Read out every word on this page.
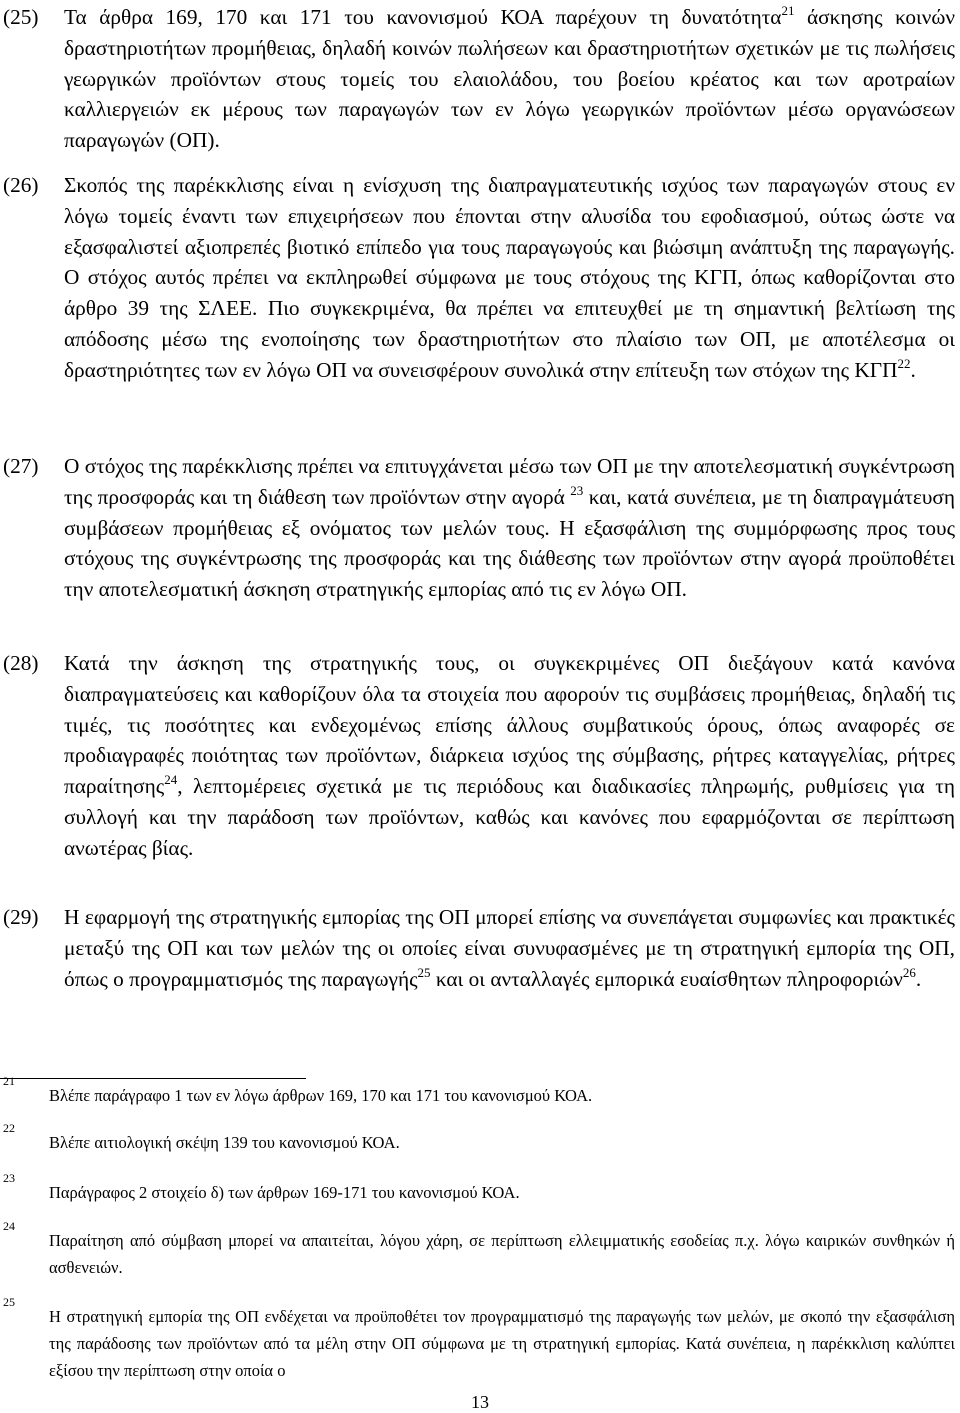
(25)	Τα άρθρα 169, 170 και 171 του κανονισμού ΚΟΑ παρέχουν τη δυνατότητα$^{21}$ άσκησης κοινών δραστηριοτήτων προμήθειας, δηλαδή κοινών πωλήσεων και δραστηριοτήτων σχετικών με τις πωλήσεις γεωργικών προϊόντων στους τομείς του ελαιολάδου, του βοείου κρέατος και των αροτραίων καλλιεργειών εκ μέρους των παραγωγών των εν λόγω γεωργικών προϊόντων μέσω οργανώσεων παραγωγών (ΟΠ).
(26)	Σκοπός της παρέκκλισης είναι η ενίσχυση της διαπραγματευτικής ισχύος των παραγωγών στους εν λόγω τομείς έναντι των επιχειρήσεων που έπονται στην αλυσίδα του εφοδιασμού, ούτως ώστε να εξασφαλιστεί αξιοπρεπές βιοτικό επίπεδο για τους παραγωγούς και βιώσιμη ανάπτυξη της παραγωγής. Ο στόχος αυτός πρέπει να εκπληρωθεί σύμφωνα με τους στόχους της ΚΓΠ, όπως καθορίζονται στο άρθρο 39 της ΣΛΕΕ. Πιο συγκεκριμένα, θα πρέπει να επιτευχθεί με τη σημαντική βελτίωση της απόδοσης μέσω της ενοποίησης των δραστηριοτήτων στο πλαίσιο των ΟΠ, με αποτέλεσμα οι δραστηριότητες των εν λόγω ΟΠ να συνεισφέρουν συνολικά στην επίτευξη των στόχων της ΚΓΠ$^{22}$.
(27)	Ο στόχος της παρέκκλισης πρέπει να επιτυγχάνεται μέσω των ΟΠ με την αποτελεσματική συγκέντρωση της προσφοράς και τη διάθεση των προϊόντων στην αγορά $^{23}$ και, κατά συνέπεια, με τη διαπραγμάτευση συμβάσεων προμήθειας εξ ονόματος των μελών τους. Η εξασφάλιση της συμμόρφωσης προς τους στόχους της συγκέντρωσης της προσφοράς και της διάθεσης των προϊόντων στην αγορά προϋποθέτει την αποτελεσματική άσκηση στρατηγικής εμπορίας από τις εν λόγω ΟΠ.
(28)	Κατά την άσκηση της στρατηγικής τους, οι συγκεκριμένες ΟΠ διεξάγουν κατά κανόνα διαπραγματεύσεις και καθορίζουν όλα τα στοιχεία που αφορούν τις συμβάσεις προμήθειας, δηλαδή τις τιμές, τις ποσότητες και ενδεχομένως επίσης άλλους συμβατικούς όρους, όπως αναφορές σε προδιαγραφές ποιότητας των προϊόντων, διάρκεια ισχύος της σύμβασης, ρήτρες καταγγελίας, ρήτρες παραίτησης$^{24}$, λεπτομέρειες σχετικά με τις περιόδους και διαδικασίες πληρωμής, ρυθμίσεις για τη συλλογή και την παράδοση των προϊόντων, καθώς και κανόνες που εφαρμόζονται σε περίπτωση ανωτέρας βίας.
(29)	Η εφαρμογή της στρατηγικής εμπορίας της ΟΠ μπορεί επίσης να συνεπάγεται συμφωνίες και πρακτικές μεταξύ της ΟΠ και των μελών της οι οποίες είναι συνυφασμένες με τη στρατηγική εμπορία της ΟΠ, όπως ο προγραμματισμός της παραγωγής$^{25}$ και οι ανταλλαγές εμπορικά ευαίσθητων πληροφοριών$^{26}$.
21
Βλέπε παράγραφο 1 των εν λόγω άρθρων 169, 170 και 171 του κανονισμού ΚΟΑ.
22
Βλέπε αιτιολογική σκέψη 139 του κανονισμού ΚΟΑ.
23
Παράγραφος 2 στοιχείο δ) των άρθρων 169-171 του κανονισμού ΚΟΑ.
24
Παραίτηση από σύμβαση μπορεί να απαιτείται, λόγου χάρη, σε περίπτωση ελλειμματικής εσοδείας π.χ. λόγω καιρικών συνθηκών ή ασθενειών.
25
Η στρατηγική εμπορία της ΟΠ ενδέχεται να προϋποθέτει τον προγραμματισμό της παραγωγής των μελών, με σκοπό την εξασφάλιση της παράδοσης των προϊόντων από τα μέλη στην ΟΠ σύμφωνα με τη στρατηγική εμπορίας. Κατά συνέπεια, η παρέκκλιση καλύπτει εξίσου την περίπτωση στην οποία ο
13
